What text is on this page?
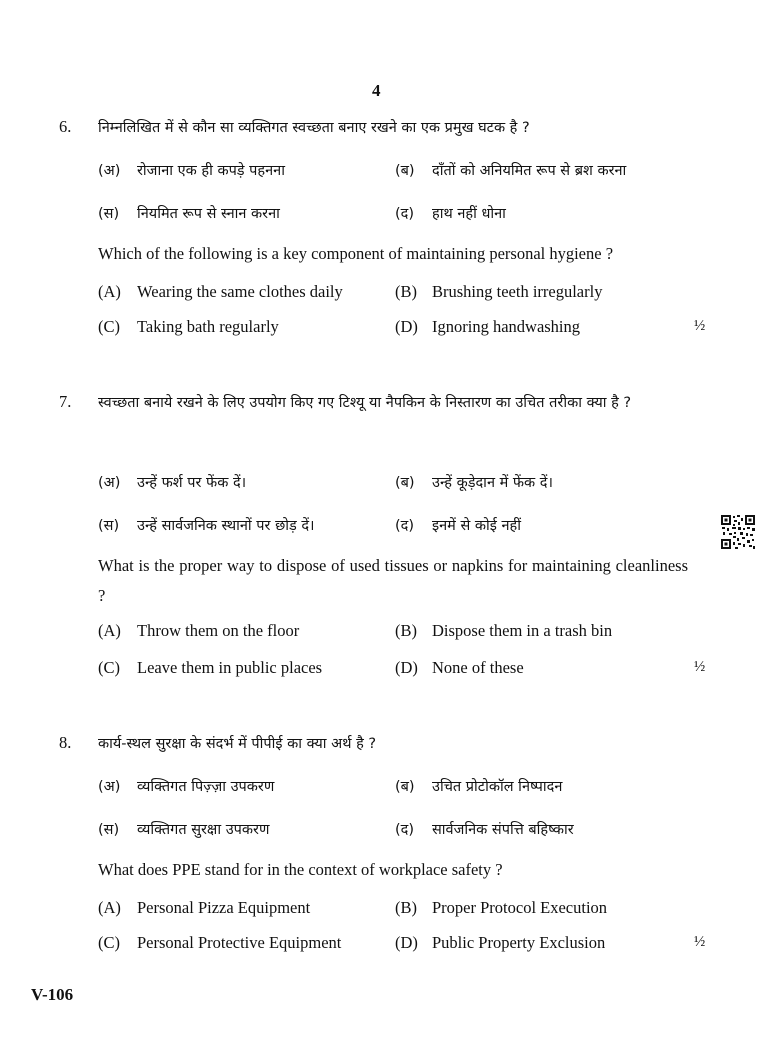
4
6. निम्नलिखित में से कौन सा व्यक्तिगत स्वच्छता बनाए रखने का एक प्रमुख घटक है ?
(अ) रोजाना एक ही कपड़े पहनना	(ब) दाँतों को अनियमित रूप से ब्रश करना
(स) नियमित रूप से स्नान करना	(द) हाथ नहीं धोना
Which of the following is a key component of maintaining personal hygiene ?
(A) Wearing the same clothes daily	(B) Brushing teeth irregularly
(C) Taking bath regularly	(D) Ignoring handwashing	½
7. स्वच्छता बनाये रखने के लिए उपयोग किए गए टिश्यू या नैपकिन के निस्तारण का उचित तरीका क्या है ?
(अ) उन्हें फर्श पर फेंक दें।	(ब) उन्हें कूड़ेदान में फेंक दें।
(स) उन्हें सार्वजनिक स्थानों पर छोड़ दें।	(द) इनमें से कोई नहीं
What is the proper way to dispose of used tissues or napkins for maintaining cleanliness ?
(A) Throw them on the floor	(B) Dispose them in a trash bin
(C) Leave them in public places	(D) None of these	½
8. कार्य-स्थल सुरक्षा के संदर्भ में पीपीई का क्या अर्थ है ?
(अ) व्यक्तिगत पिज़्ज़ा उपकरण	(ब) उचित प्रोटोकॉल निष्पादन
(स) व्यक्तिगत सुरक्षा उपकरण	(द) सार्वजनिक संपत्ति बहिष्कार
What does PPE stand for in the context of workplace safety ?
(A) Personal Pizza Equipment	(B) Proper Protocol Execution
(C) Personal Protective Equipment	(D) Public Property Exclusion	½
V-106
